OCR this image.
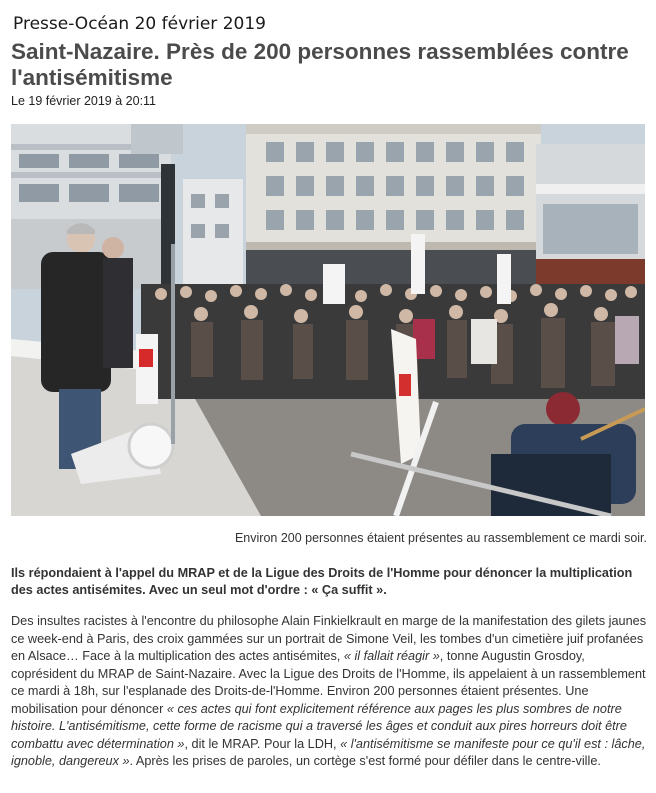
Presse-Océan 20 février 2019
Saint-Nazaire. Près de 200 personnes rassemblées contre l'antisémitisme
Le 19 février 2019 à 20:11
Environ 200 personnes étaient présentes au rassemblement ce mardi soir.

Ils répondaient à l'appel du MRAP et de la Ligue des Droits de l'Homme pour dénoncer la multiplication des actes antisémites. Avec un seul mot d'ordre : « Ça suffit ».

Des insultes racistes à l'encontre du philosophe Alain Finkielkrault en marge de la manifestation des gilets jaunes ce week-end à Paris, des croix gammées sur un portrait de Simone Veil, les tombes d'un cimetière juif profanées en Alsace… Face à la multiplication des actes antisémites, « il fallait réagir », tonne Augustin Grosdoy, coprésident du MRAP de Saint-Nazaire. Avec la Ligue des Droits de l'Homme, ils appelaient à un rassemblement ce mardi à 18h, sur l'esplanade des Droits-de-l'Homme. Environ 200 personnes étaient présentes. Une mobilisation pour dénoncer « ces actes qui font explicitement référence aux pages les plus sombres de notre histoire. L'antisémitisme, cette forme de racisme qui a traversé les âges et conduit aux pires horreurs doit être combattu avec détermination », dit le MRAP. Pour la LDH, « l'antisémitisme se manifeste pour ce qu'il est : lâche, ignoble, dangereux ». Après les prises de paroles, un cortège s'est formé pour défiler dans le centre-ville.
